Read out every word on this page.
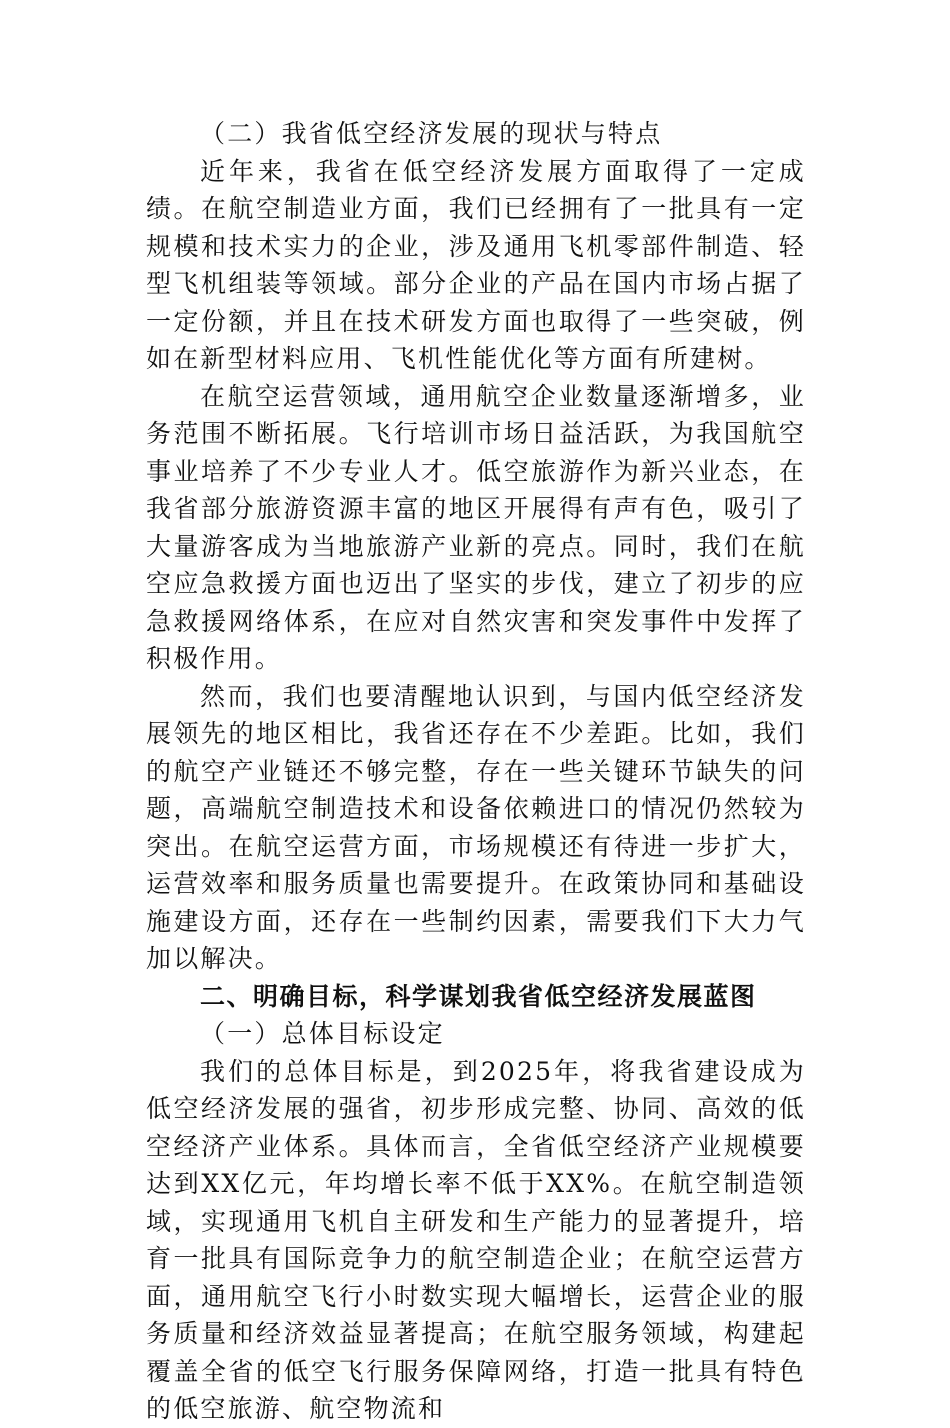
（二）我省低空经济发展的现状与特点

近年来，我省在低空经济发展方面取得了一定成绩。在航空制造业方面，我们已经拥有了一批具有一定规模和技术实力的企业，涉及通用飞机零部件制造、轻型飞机组装等领域。部分企业的产品在国内市场占据了一定份额，并且在技术研发方面也取得了一些突破，例如在新型材料应用、飞机性能优化等方面有所建树。

在航空运营领域，通用航空企业数量逐渐增多，业务范围不断拓展。飞行培训市场日益活跃，为我国航空事业培养了不少专业人才。低空旅游作为新兴业态，在我省部分旅游资源丰富的地区开展得有声有色，吸引了大量游客成为当地旅游产业新的亮点。同时，我们在航空应急救援方面也迈出了坚实的步伐，建立了初步的应急救援网络体系，在应对自然灾害和突发事件中发挥了积极作用。

然而，我们也要清醒地认识到，与国内低空经济发展领先的地区相比，我省还存在不少差距。比如，我们的航空产业链还不够完整，存在一些关键环节缺失的问题，高端航空制造技术和设备依赖进口的情况仍然较为突出。在航空运营方面，市场规模还有待进一步扩大，运营效率和服务质量也需要提升。在政策协同和基础设施建设方面，还存在一些制约因素，需要我们下大力气加以解决。

二、明确目标，科学谋划我省低空经济发展蓝图

（一）总体目标设定

我们的总体目标是，到2025年，将我省建设成为低空经济发展的强省，初步形成完整、协同、高效的低空经济产业体系。具体而言，全省低空经济产业规模要达到XX亿元，年均增长率不低于XX%。在航空制造领域，实现通用飞机自主研发和生产能力的显著提升，培育一批具有国际竞争力的航空制造企业；在航空运营方面，通用航空飞行小时数实现大幅增长，运营企业的服务质量和经济效益显著提高；在航空服务领域，构建起覆盖全省的低空飞行服务保障网络，打造一批具有特色的低空旅游、航空物流和
